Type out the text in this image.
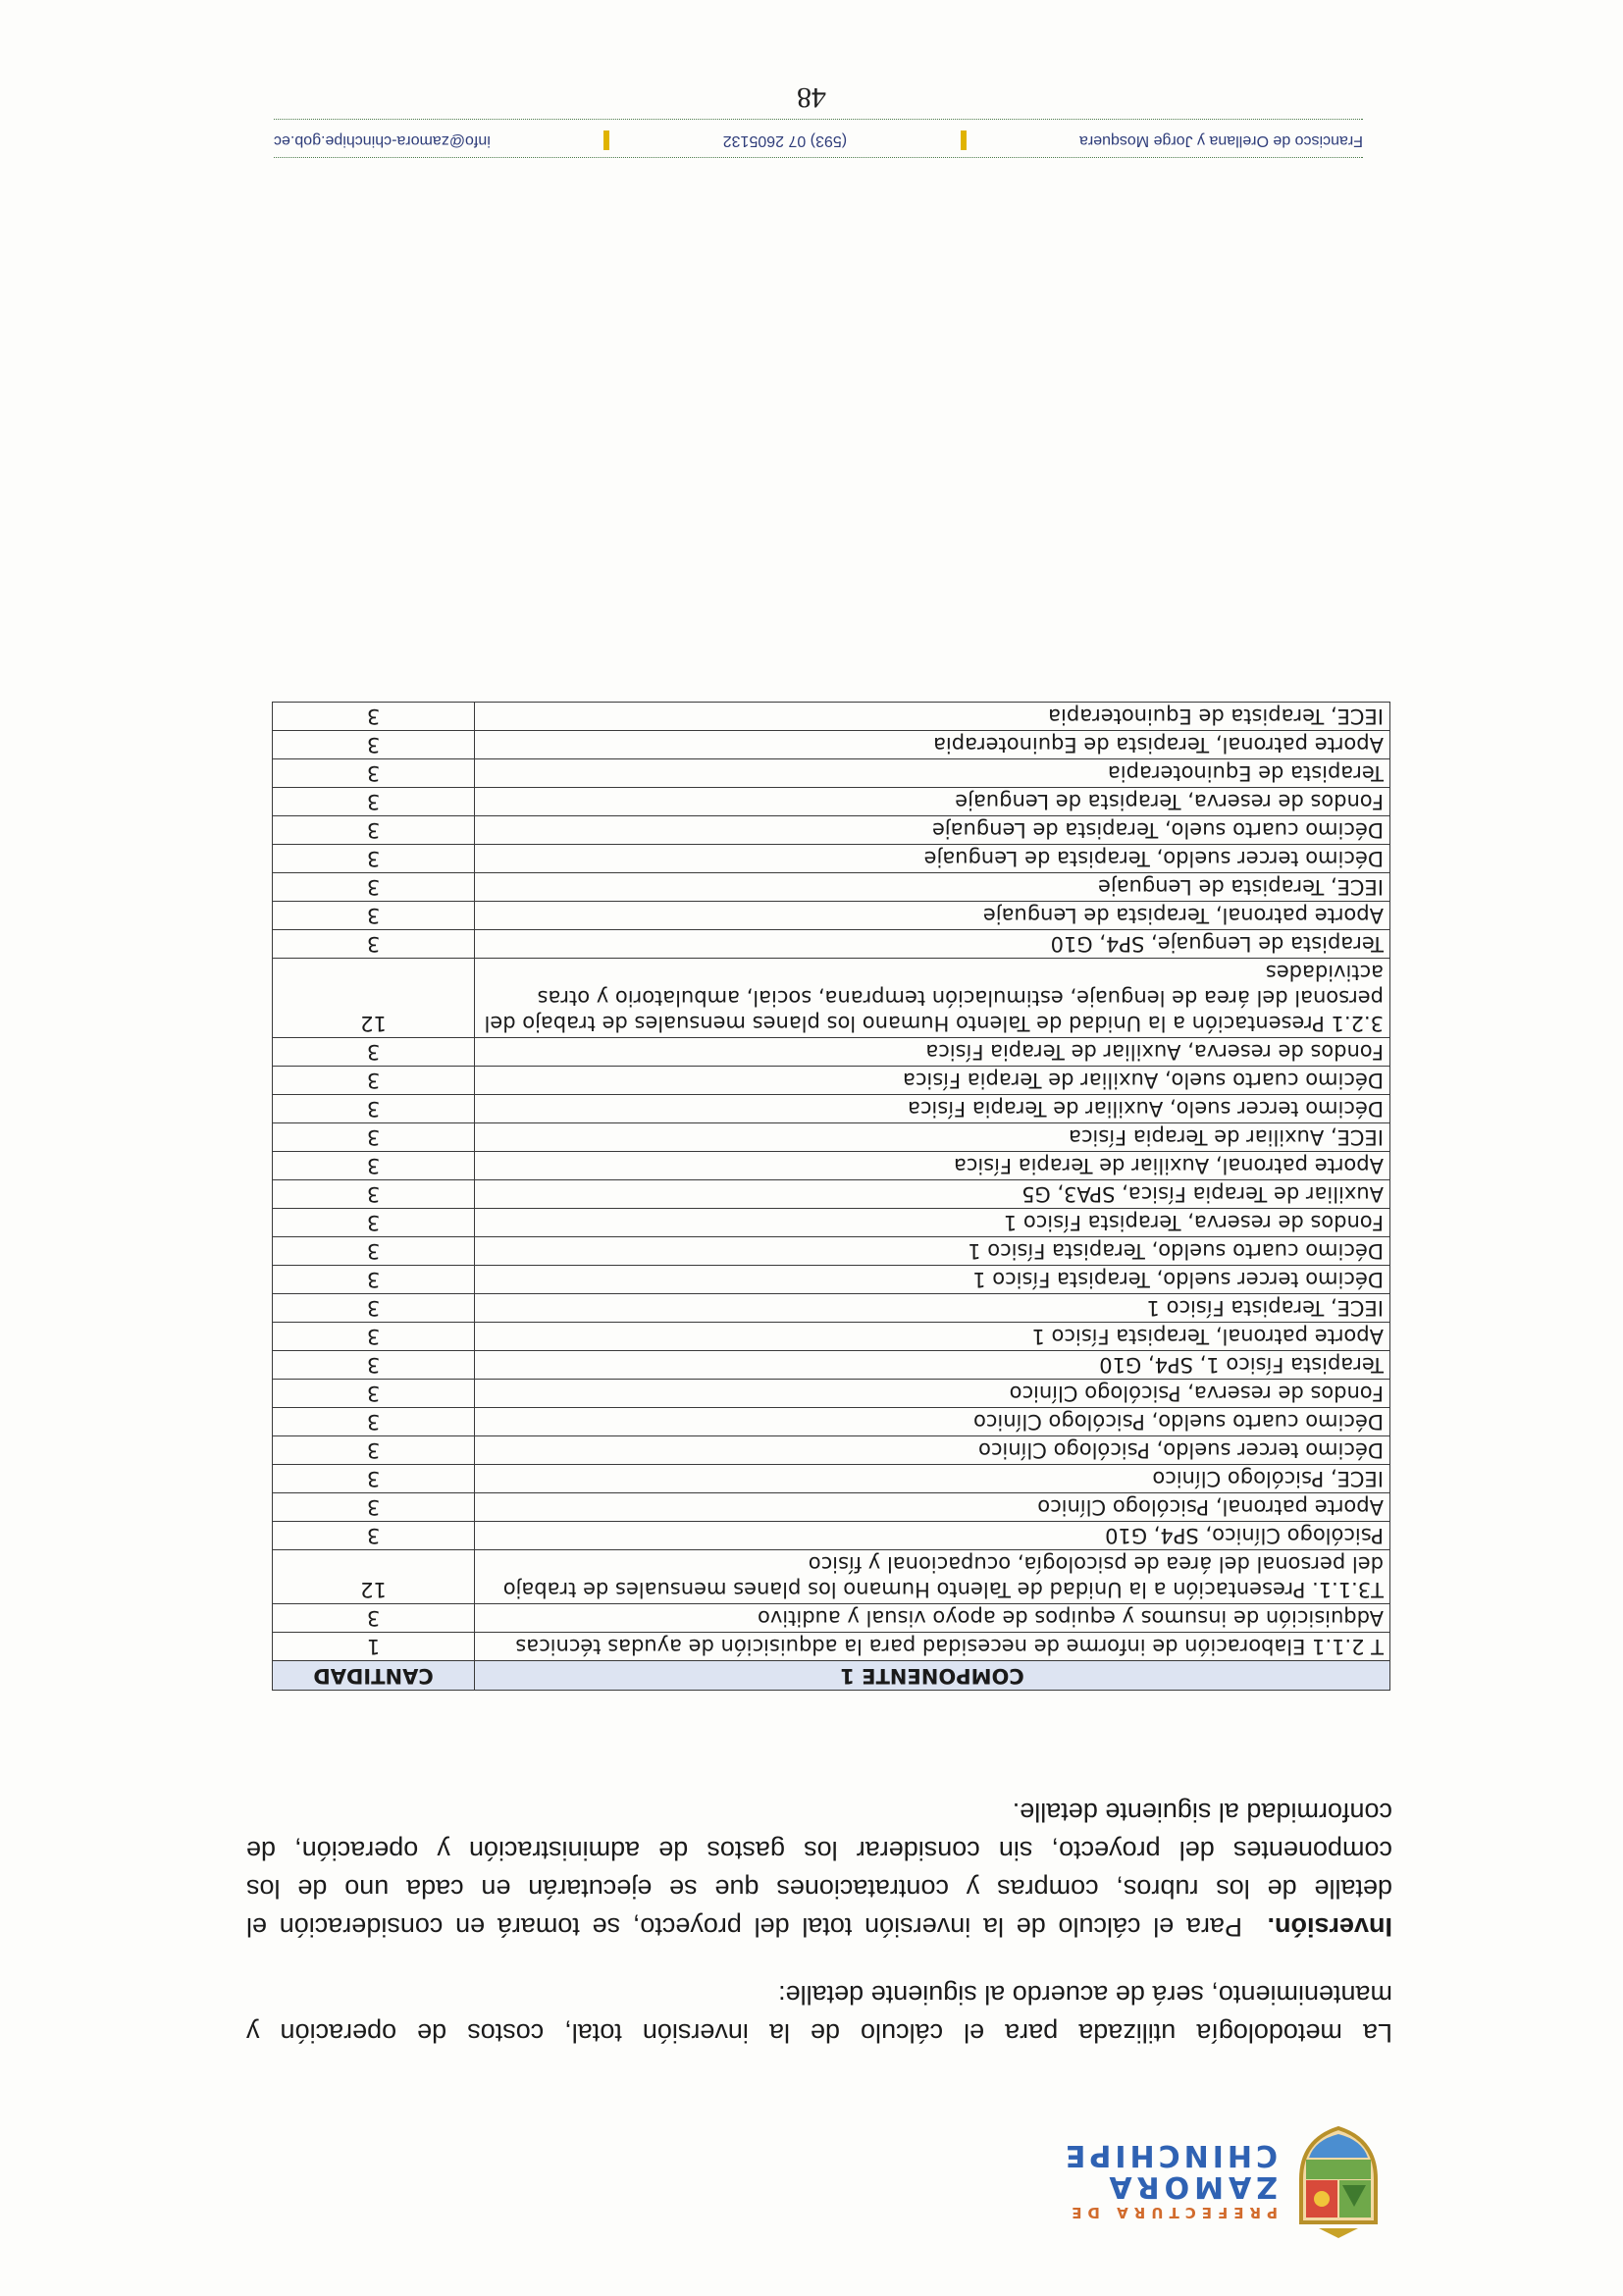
PREFECTURA DE
ZAMORA
CHINCHIPE

La metodología utilizada para el cálculo de la inversión total, costos de operación y mantenimiento, será de acuerdo al siguiente detalle:

Inversión.  Para el cálculo de la inversión total del proyecto, se tomará en consideración el detalle de los rubros, compras y contrataciones que se ejecutarán en cada uno de los componentes del proyecto, sin considerar los gastos de administración y operación, de conformidad al siguiente detalle.

COMPONENTE 1	CANTIDAD
T 2.1.1 Elaboración de informe de necesidad para la adquisición de ayudas técnicas	1
Adquisición de insumos y equipos de apoyo visual y auditivo	3
T3.1.1. Presentación a la Unidad de Talento Humano los planes mensuales de trabajo del personal del área de psicología, ocupacional y físico	12
Psicólogo Clínico, SP4, G10	3
Aporte patronal, Psicólogo Clínico	3
IECE, Psicólogo Clínico	3
Décimo tercer sueldo, Psicólogo Clínico	3
Décimo cuarto sueldo, Psicólogo Clínico	3
Fondos de reserva, Psicólogo Clínico	3
Terapista Físico 1, SP4, G10	3
Aporte patronal, Terapista Físico 1	3
IECE, Terapista Físico 1	3
Décimo tercer sueldo, Terapista Físico 1	3
Décimo cuarto sueldo, Terapista Físico 1	3
Fondos de reserva, Terapista Físico 1	3
Auxiliar de Terapia Física, SPA3, G5	3
Aporte patronal, Auxiliar de Terapia Física	3
IECE, Auxiliar de Terapia Física	3
Décimo tercer suelo, Auxiliar de Terapia Física	3
Décimo cuarto suelo, Auxiliar de Terapia Física	3
Fondos de reserva, Auxiliar de Terapia Física	3
3.2.1 Presentación a la Unidad de Talento Humano los planes mensuales de trabajo del personal del área de lenguaje, estimulación temprana, social, ambulatorio y otras actividades	12
Terapista de Lenguaje, SP4, G10	3
Aporte patronal, Terapista de Lenguaje	3
IECE, Terapista de Lenguaje	3
Décimo tercer sueldo, Terapista de Lenguaje	3
Décimo cuarto suelo, Terapista de Lenguaje	3
Fondos de reserva, Terapista de Lenguaje	3
Terapista de Equinoterapia	3
Aporte patronal, Terapista de Equinoterapia	3
IECE, Terapista de Equinoterapia	3
Francisco de Orellana y Jorge Mosquera
(593) 07 2605132
info@zamora-chinchipe.gob.ec
48
